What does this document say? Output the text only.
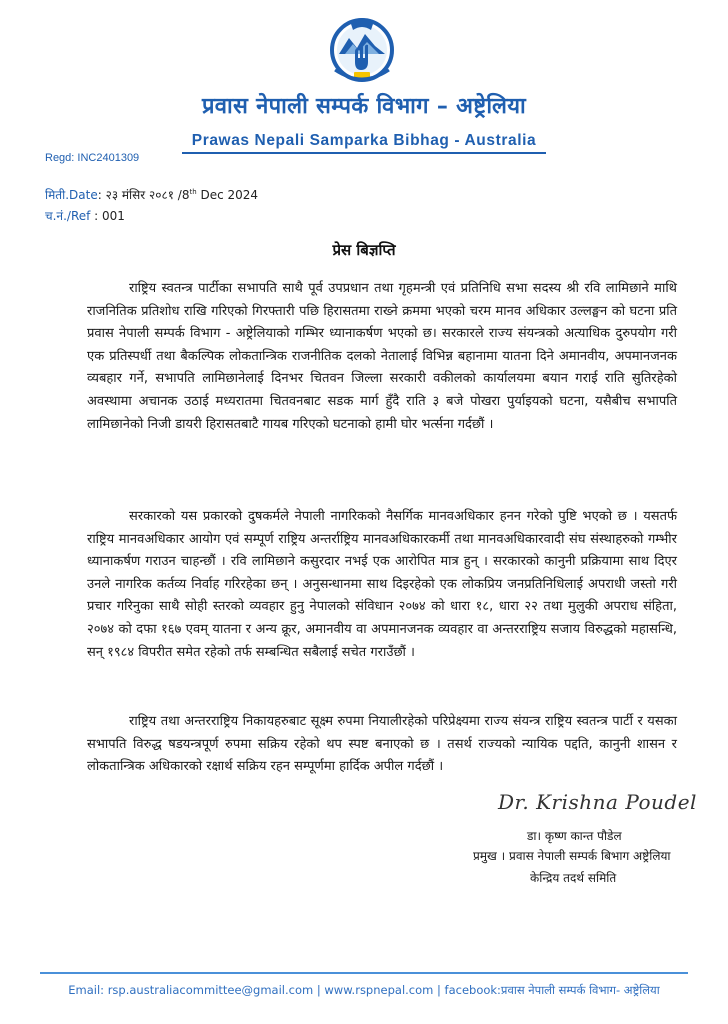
प्रवास नेपाली सम्पर्क विभाग – अष्ट्रेलिया
Prawas Nepali Samparka Bibhag - Australia
Regd: INC2401309
मिती.Date: २३ मंसिर २०८१ /8th Dec 2024
च.नं./Ref : 001
प्रेस बिज्ञप्ति

राष्ट्रिय स्वतन्त्र पार्टीका सभापति साथै पूर्व उपप्रधान तथा गृहमन्त्री एवं प्रतिनिधि सभा सदस्य श्री रवि लामिछाने माथि राजनितिक प्रतिशोध राखि गरिएको गिरफ्तारी पछि हिरासतमा राख्ने क्रममा भएको चरम मानव अधिकार उल्लङ्घन को घटना प्रति प्रवास नेपाली सम्पर्क विभाग - अष्ट्रेलियाको गम्भिर ध्यानाकर्षण भएको छ। सरकारले राज्य संयन्त्रको अत्याधिक दुरुपयोग गरी एक प्रतिस्पर्धी तथा बैकल्पिक लोकतान्त्रिक राजनीतिक दलको नेतालाई विभिन्न बहानामा यातना दिने अमानवीय, अपमानजनक व्यबहार गर्ने, सभापति लामिछानेलाई दिनभर चितवन जिल्ला सरकारी वकीलको कार्यालयमा बयान गराई राति सुतिरहेको अवस्थामा अचानक उठाई मध्यरातमा चितवनबाट सडक मार्ग हुँदै राति ३ बजे पोखरा पुर्याइयको घटना, यसैबीच सभापति लामिछानेको निजी डायरी हिरासतबाटै गायब गरिएको घटनाको हामी घोर भर्त्सना गर्दछौं ।

सरकारको यस प्रकारको दुषकर्मले नेपाली नागरिकको नैसर्गिक मानवअधिकार हनन गरेको पुष्टि भएको छ । यसतर्फ राष्ट्रिय मानवअधिकार आयोग एवं सम्पूर्ण राष्ट्रिय अन्तर्राष्ट्रिय मानवअधिकारकर्मी तथा मानवअधिकारवादी संघ संस्थाहरुको गम्भीर ध्यानाकर्षण गराउन चाहन्छौं । रवि लामिछाने कसुरदार नभई एक आरोपित मात्र हुन् । सरकारको कानुनी प्रक्रियामा साथ दिएर उनले नागरिक कर्तव्य निर्वाह गरिरहेका छन् । अनुसन्धानमा साथ दिइरहेको एक लोकप्रिय जनप्रतिनिधिलाई अपराधी जस्तो गरी प्रचार गरिनुका साथै सोही स्तरको व्यवहार हुनु नेपालको संविधान २०७४ को धारा १८, धारा २२ तथा मुलुकी अपराध संहिता, २०७४ को दफा १६७ एवम् यातना र अन्य क्रूर, अमानवीय वा अपमानजनक व्यवहार वा अन्तरराष्ट्रिय सजाय विरुद्धको महासन्धि, सन् १९८४ विपरीत समेत रहेको तर्फ सम्बन्धित सबैलाई सचेत गराउँछौं ।

राष्ट्रिय तथा अन्तरराष्ट्रिय निकायहरुबाट सूक्ष्म रुपमा नियालीरहेको परिप्रेक्ष्यमा राज्य संयन्त्र राष्ट्रिय स्वतन्त्र पार्टी र यसका सभापति विरुद्ध षडयन्त्रपूर्ण रुपमा सक्रिय रहेको थप स्पष्ट बनाएको छ । तसर्थ राज्यको न्यायिक पद्दति, कानुनी शासन र लोकतान्त्रिक अधिकारको रक्षार्थ सक्रिय रहन सम्पूर्णमा हार्दिक अपील गर्दछौं ।

Dr. Krishna Poudel
डा। कृष्ण कान्त पौडेल
प्रमुख । प्रवास नेपाली सम्पर्क बिभाग अष्ट्रेलिया
केन्द्रिय तदर्थ समिति
Email: rsp.australiacommittee@gmail.com | www.rspnepal.com | facebook:प्रवास नेपाली सम्पर्क विभाग- अष्ट्रेलिया
